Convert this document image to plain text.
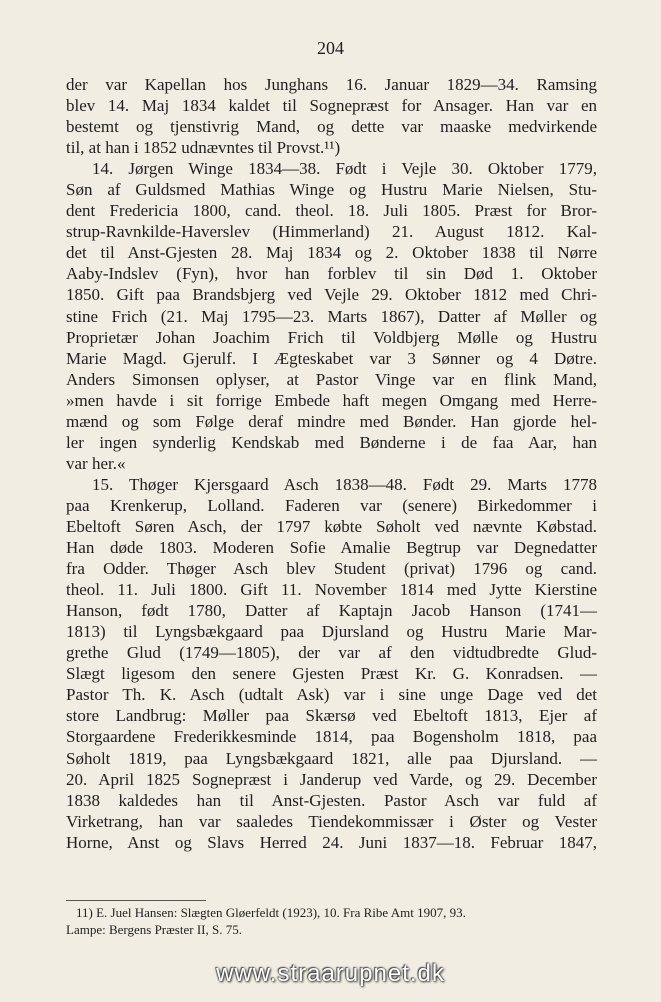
204
der var Kapellan hos Junghans 16. Januar 1829—34. Ramsing
blev 14. Maj 1834 kaldet til Sognepræst for Ansager. Han var en
bestemt og tjenstivrig Mand, og dette var maaske medvirkende
til, at han i 1852 udnævntes til Provst.¹¹)
14. Jørgen Winge 1834—38. Født i Vejle 30. Oktober 1779,
Søn af Guldsmed Mathias Winge og Hustru Marie Nielsen, Stu-
dent Fredericia 1800, cand. theol. 18. Juli 1805. Præst for Bror-
strup-Ravnkilde-Haverslev (Himmerland) 21. August 1812. Kal-
det til Anst-Gjesten 28. Maj 1834 og 2. Oktober 1838 til Nørre
Aaby-Indslev (Fyn), hvor han forblev til sin Død 1. Oktober
1850. Gift paa Brandsbjerg ved Vejle 29. Oktober 1812 med Chri-
stine Frich (21. Maj 1795—23. Marts 1867), Datter af Møller og
Proprietær Johan Joachim Frich til Voldbjerg Mølle og Hustru
Marie Magd. Gjerulf. I Ægteskabet var 3 Sønner og 4 Døtre.
Anders Simonsen oplyser, at Pastor Vinge var en flink Mand,
»men havde i sit forrige Embede haft megen Omgang med Herre-
mænd og som Følge deraf mindre med Bønder. Han gjorde hel-
ler ingen synderlig Kendskab med Bønderne i de faa Aar, han
var her.«
15. Thøger Kjersgaard Asch 1838—48. Født 29. Marts 1778
paa Krenkerup, Lolland. Faderen var (senere) Birkedommer i
Ebeltoft Søren Asch, der 1797 købte Søholt ved nævnte Købstad.
Han døde 1803. Moderen Sofie Amalie Begtrup var Degnedatter
fra Odder. Thøger Asch blev Student (privat) 1796 og cand.
theol. 11. Juli 1800. Gift 11. November 1814 med Jytte Kierstine
Hanson, født 1780, Datter af Kaptajn Jacob Hanson (1741—
1813) til Lyngsbækgaard paa Djursland og Hustru Marie Mar-
grethe Glud (1749—1805), der var af den vidtudbredte Glud-
Slægt ligesom den senere Gjesten Præst Kr. G. Konradsen. —
Pastor Th. K. Asch (udtalt Ask) var i sine unge Dage ved det
store Landbrug: Møller paa Skærsø ved Ebeltoft 1813, Ejer af
Storgaardene Frederikkesminde 1814, paa Bogensholm 1818, paa
Søholt 1819, paa Lyngsbækgaard 1821, alle paa Djursland. —
20. April 1825 Sognepræst i Janderup ved Varde, og 29. December
1838 kaldedes han til Anst-Gjesten. Pastor Asch var fuld af
Virketrang, han var saaledes Tiendekommissær i Øster og Vester
Horne, Anst og Slavs Herred 24. Juni 1837—18. Februar 1847,
11) E. Juel Hansen: Slægten Gløerfeldt (1923), 10. Fra Ribe Amt 1907, 93.
Lampe: Bergens Præster II, S. 75.
www.straarupnet.dk
